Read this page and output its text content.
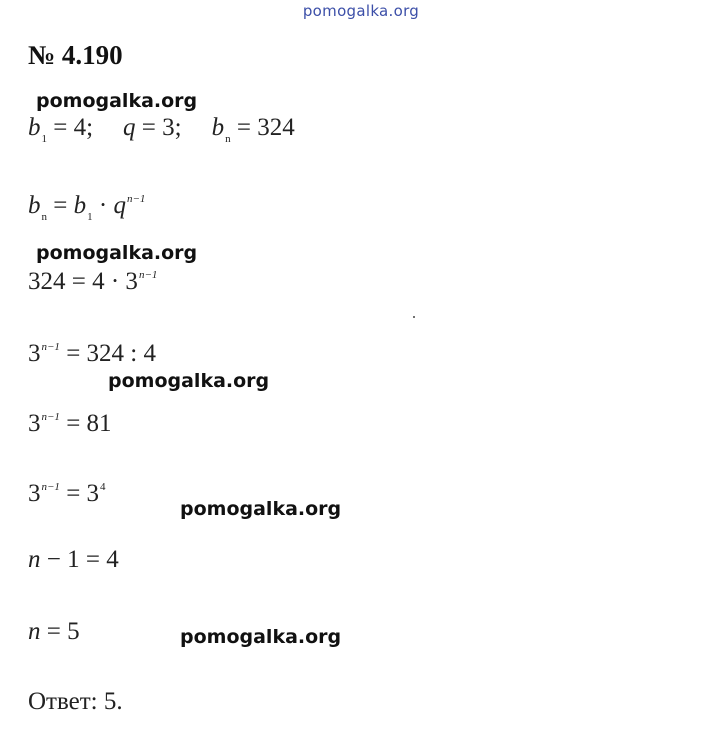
pomogalka.org
№ 4.190
pomogalka.org
pomogalka.org
pomogalka.org
pomogalka.org
pomogalka.org
$b_1 = 4$; q = 3; $b_n = 324$
$b_n = b_1 \cdot q^{n-1}$
$324 = 4 \cdot 3^{n-1}$
$3^{n-1} = 324$ : 4
$3^{n-1} = 81$
$3^{n-1} = 3^4$
n − 1 = 4
n = 5
Ответ: 5.
